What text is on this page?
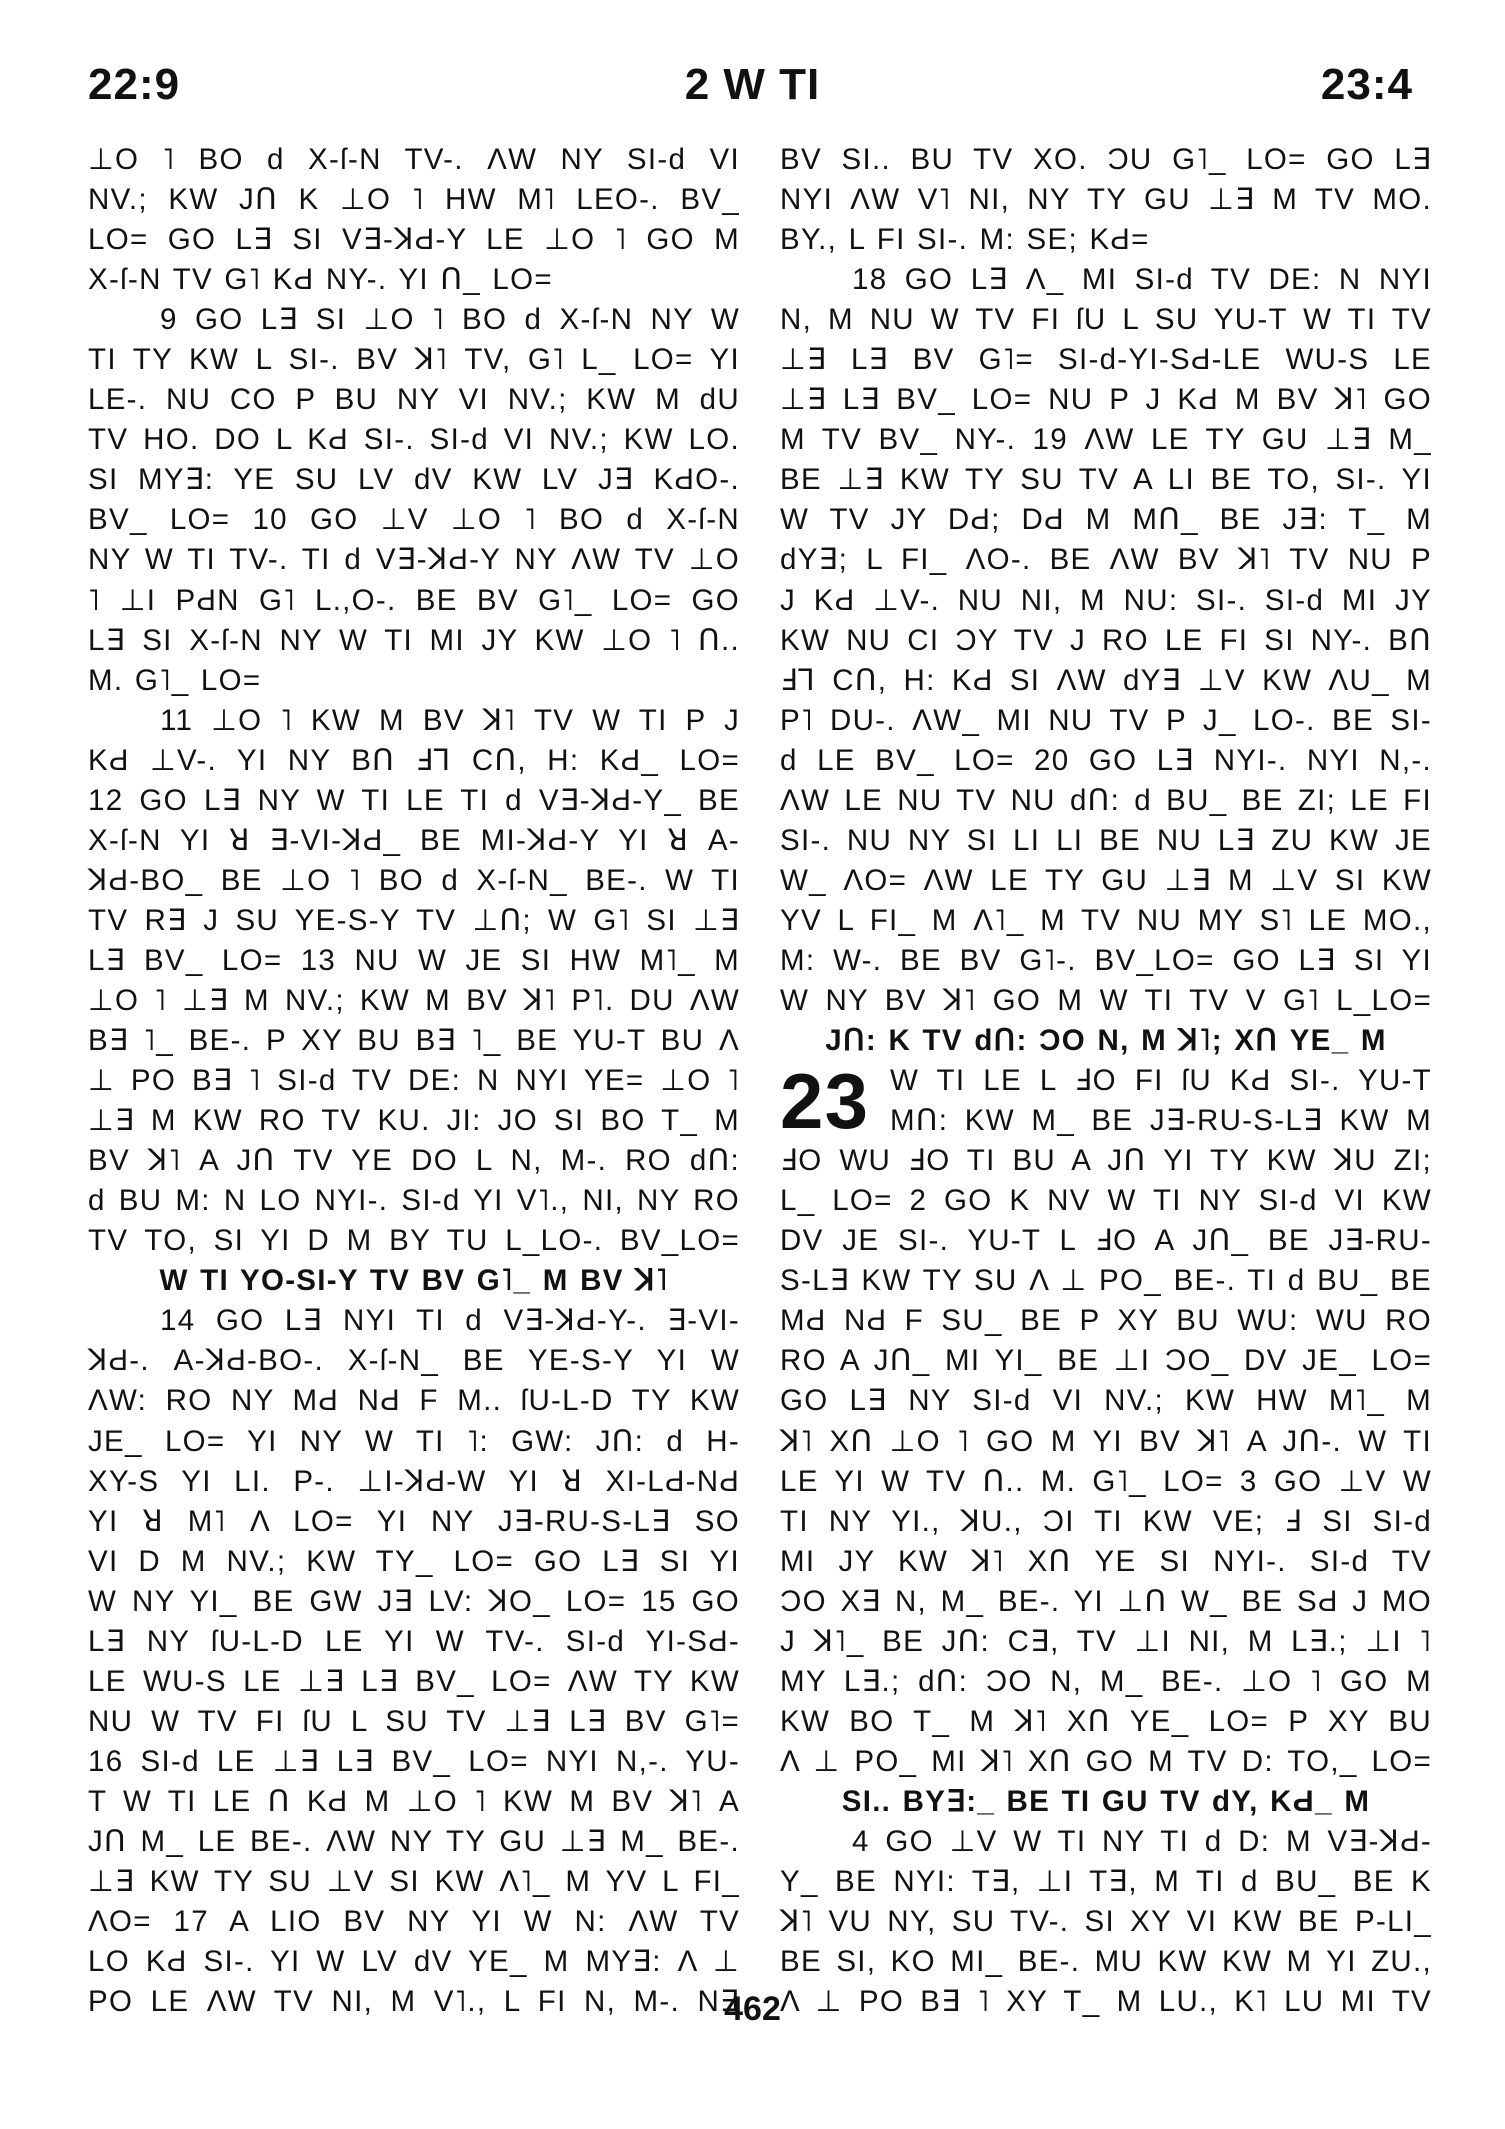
22:9	2 W TI	23:4
⊥O ˥ BO d X-ſ-N TV-. ΛW NY SI-d VI
NV.; KW JՈ K ⊥O ˥ HW M˥ LEO-. BV_
LO= GO L∃ SI V∃-ꓘԀ-Y LE ⊥O ˥ GO M
X-ſ-N TV G˥ KԀ NY-. YI Ո_ LO=
9 GO L∃ SI ⊥O ˥ BO d X-ſ-N NY W
TI TY KW L SI-. BV ꓘ˥ TV, G˥ L_ LO= YI
LE-. NU CO P BU NY VI NV.; KW M dU
TV HO. DO L KԀ SI-. SI-d VI NV.; KW LO.
SI MY∃: YE SU LV dV KW LV J∃ KԀO-.
BV_ LO= 10 GO ⊥V ⊥O ˥ BO d X-ſ-N
NY W TI TV-. TI d V∃-ꓘԀ-Y NY ΛW TV ⊥O
˥ ⊥I PԀN G˥ L.,O-. BE BV G˥_ LO= GO
L∃ SI X-ſ-N NY W TI MI JY KW ⊥O ˥ Ո..
M. G˥_ LO=
11 ⊥O ˥ KW M BV ꓘ˥ TV W TI P J
KԀ ⊥V-. YI NY BՈ ℲꞀ CՈ, H: KԀ_ LO=
12 GO L∃ NY W TI LE TI d V∃-ꓘԀ-Y_ BE
X-ſ-N YI ꓤ ∃-VI-ꓘԀ_ BE MI-ꓘԀ-Y YI ꓤ A-
ꓘԀ-BO_ BE ⊥O ˥ BO d X-ſ-N_ BE-. W TI
TV R∃ J SU YE-S-Y TV ⊥Ո; W G˥ SI ⊥∃
L∃ BV_ LO= 13 NU W JE SI HW M˥_ M
⊥O ˥ ⊥∃ M NV.; KW M BV ꓘ˥ P˥. DU ΛW
B∃ ˥_ BE-. P XY BU B∃ ˥_ BE YU-T BU Λ
⊥ PO B∃ ˥ SI-d TV DE: N NYI YE= ⊥O ˥
⊥∃ M KW RO TV KU. JI: JO SI BO T_ M
BV ꓘ˥ A JՈ TV YE DO L N, M-. RO dՈ:
d BU M: N LO NYI-. SI-d YI V˥., NI, NY RO
TV TO, SI YI D M BY TU L_LO-. BV_LO=
W TI YO-SI-Y TV BV G˥_ M BV ꓘ˥
14 GO L∃ NYI TI d V∃-ꓘԀ-Y-. ∃-VI-
ꓘԀ-. A-ꓘԀ-BO-. X-ſ-N_ BE YE-S-Y YI W
ΛW: RO NY MԀ NԀ F M.. ſU-L-D TY KW
JE_ LO= YI NY W TI ˥: GW: JՈ: d H-
XY-S YI LI. P-. ⊥I-ꓘԀ-W YI ꓤ XI-LԀ-NԀ
YI ꓤ M˥ Λ LO= YI NY J∃-RU-S-L∃ SO
VI D M NV.; KW TY_ LO= GO L∃ SI YI
W NY YI_ BE GW J∃ LV: ꓘO_ LO= 15 GO
L∃ NY ſU-L-D LE YI W TV-. SI-d YI-SԀ-
LE WU-S LE ⊥∃ L∃ BV_ LO= ΛW TY KW
NU W TV FI ſU L SU TV ⊥∃ L∃ BV G˥=
16 SI-d LE ⊥∃ L∃ BV_ LO= NYI N,-. YU-
T W TI LE Ո KԀ M ⊥O ˥ KW M BV ꓘ˥ A
JՈ M_ LE BE-. ΛW NY TY GU ⊥∃ M_ BE-.
⊥∃ KW TY SU ⊥V SI KW Λ˥_ M YV L FI_
ΛO= 17 A LIO BV NY YI W N: ΛW TV
LO KԀ SI-. YI W LV dV YE_ M MY∃: Λ ⊥
PO LE ΛW TV NI, M V˥., L FI N, M-. N∃
BV SI.. BU TV XO. ƆU G˥_ LO= GO L∃
NYI ΛW V˥ NI, NY TY GU ⊥∃ M TV MO.
BY., L FI SI-. M: SE; KԀ=
18 GO L∃ Λ_ MI SI-d TV DE: N NYI
N, M NU W TV FI ſU L SU YU-T W TI TV
⊥∃ L∃ BV G˥= SI-d-YI-SԀ-LE WU-S LE
⊥∃ L∃ BV_ LO= NU P J KԀ M BV ꓘ˥ GO
M TV BV_ NY-. 19 ΛW LE TY GU ⊥∃ M_
BE ⊥∃ KW TY SU TV A LI BE TO, SI-. YI
W TV JY DԀ; DԀ M MՈ_ BE J∃: T_ M
dY∃; L FI_ ΛO-. BE ΛW BV ꓘ˥ TV NU P
J KԀ ⊥V-. NU NI, M NU: SI-. SI-d MI JY
KW NU CI ƆY TV J RO LE FI SI NY-. BՈ
ℲꞀ CՈ, H: KԀ SI ΛW dY∃ ⊥V KW ΛU_ M
P˥ DU-. ΛW_ MI NU TV P J_ LO-. BE SI-
d LE BV_ LO= 20 GO L∃ NYI-. NYI N,-.
ΛW LE NU TV NU dՈ: d BU_ BE ZI; LE FI
SI-. NU NY SI LI LI BE NU L∃ ZU KW JE
W_ ΛO= ΛW LE TY GU ⊥∃ M ⊥V SI KW
YV L FI_ M Λ˥_ M TV NU MY S˥ LE MO.,
M: W-. BE BV G˥-. BV_LO= GO L∃ SI YI
W NY BV ꓘ˥ GO M W TI TV V G˥ L_LO=
JՈ: K TV dՈ: ƆO N, M ꓘ˥; XՈ YE_ M
23 W TI LE L ℲO FI ſU KԀ SI-. YU-T
MՈ: KW M_ BE J∃-RU-S-L∃ KW M
ℲO WU ℲO TI BU A JՈ YI TY KW ꓘU ZI;
L_ LO= 2 GO K NV W TI NY SI-d VI KW
DV JE SI-. YU-T L ℲO A JՈ_ BE J∃-RU-
S-L∃ KW TY SU Λ ⊥ PO_ BE-. TI d BU_ BE
MԀ NԀ F SU_ BE P XY BU WU: WU RO
RO A JՈ_ MI YI_ BE ⊥I ƆO_ DV JE_ LO=
GO L∃ NY SI-d VI NV.; KW HW M˥_ M
ꓘ˥ XՈ ⊥O ˥ GO M YI BV ꓘ˥ A JՈ-. W TI
LE YI W TV Ո.. M. G˥_ LO= 3 GO ⊥V W
TI NY YI., ꓘU., ƆI TI KW VE; Ⅎ SI SI-d
MI JY KW ꓘ˥ XՈ YE SI NYI-. SI-d TV
ƆO X∃ N, M_ BE-. YI ⊥Ո W_ BE SԀ J MO
J ꓘ˥_ BE JՈ: C∃, TV ⊥I NI, M L∃.; ⊥I ˥
MY L∃.; dՈ: ƆO N, M_ BE-. ⊥O ˥ GO M
KW BO T_ M ꓘ˥ XՈ YE_ LO= P XY BU
Λ ⊥ PO_ MI ꓘ˥ XՈ GO M TV D: TO,_ LO=
SI.. BY∃:_ BE TI GU TV dY, KԀ_ M
4 GO ⊥V W TI NY TI d D: M V∃-ꓘԀ-
Y_ BE NYI: T∃, ⊥I T∃, M TI d BU_ BE K
ꓘ˥ VU NY, SU TV-. SI XY VI KW BE P-LI_
BE SI, KO MI_ BE-. MU KW KW M YI ZU.,
Λ ⊥ PO B∃ ˥ XY T_ M LU., K˥ LU MI TV
462
